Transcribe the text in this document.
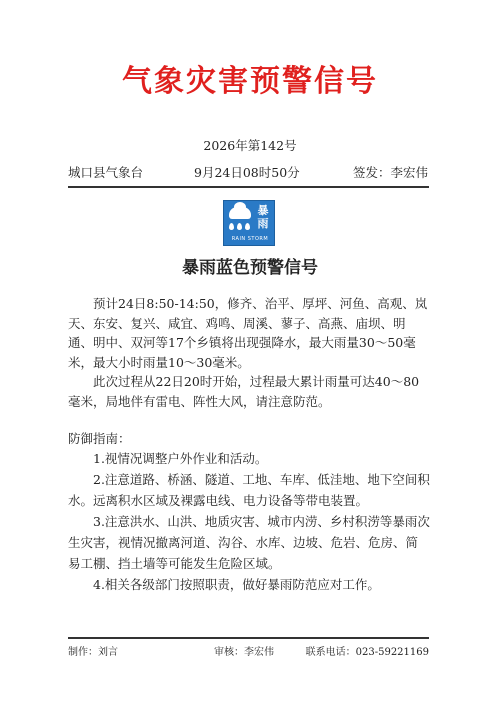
气象灾害预警信号
2026年第142号
城口县气象台	9月24日08时50分	签发：李宏伟
暴雨
RAIN STORM
暴雨蓝色预警信号

预计24日8:50-14:50，修齐、治平、厚坪、河鱼、高观、岚天、东安、复兴、咸宜、鸡鸣、周溪、蓼子、高燕、庙坝、明通、明中、双河等17个乡镇将出现强降水，最大雨量30～50毫米，最大小时雨量10～30毫米。

此次过程从22日20时开始，过程最大累计雨量可达40～80毫米，局地伴有雷电、阵性大风，请注意防范。

防御指南：

1.视情况调整户外作业和活动。

2.注意道路、桥涵、隧道、工地、车库、低洼地、地下空间积水。远离积水区域及裸露电线、电力设备等带电装置。

3.注意洪水、山洪、地质灾害、城市内涝、乡村积涝等暴雨次生灾害，视情况撤离河道、沟谷、水库、边坡、危岩、危房、简易工棚、挡土墙等可能发生危险区域。

4.相关各级部门按照职责，做好暴雨防范应对工作。

制作：刘言	审核：李宏伟	联系电话：023-59221169
